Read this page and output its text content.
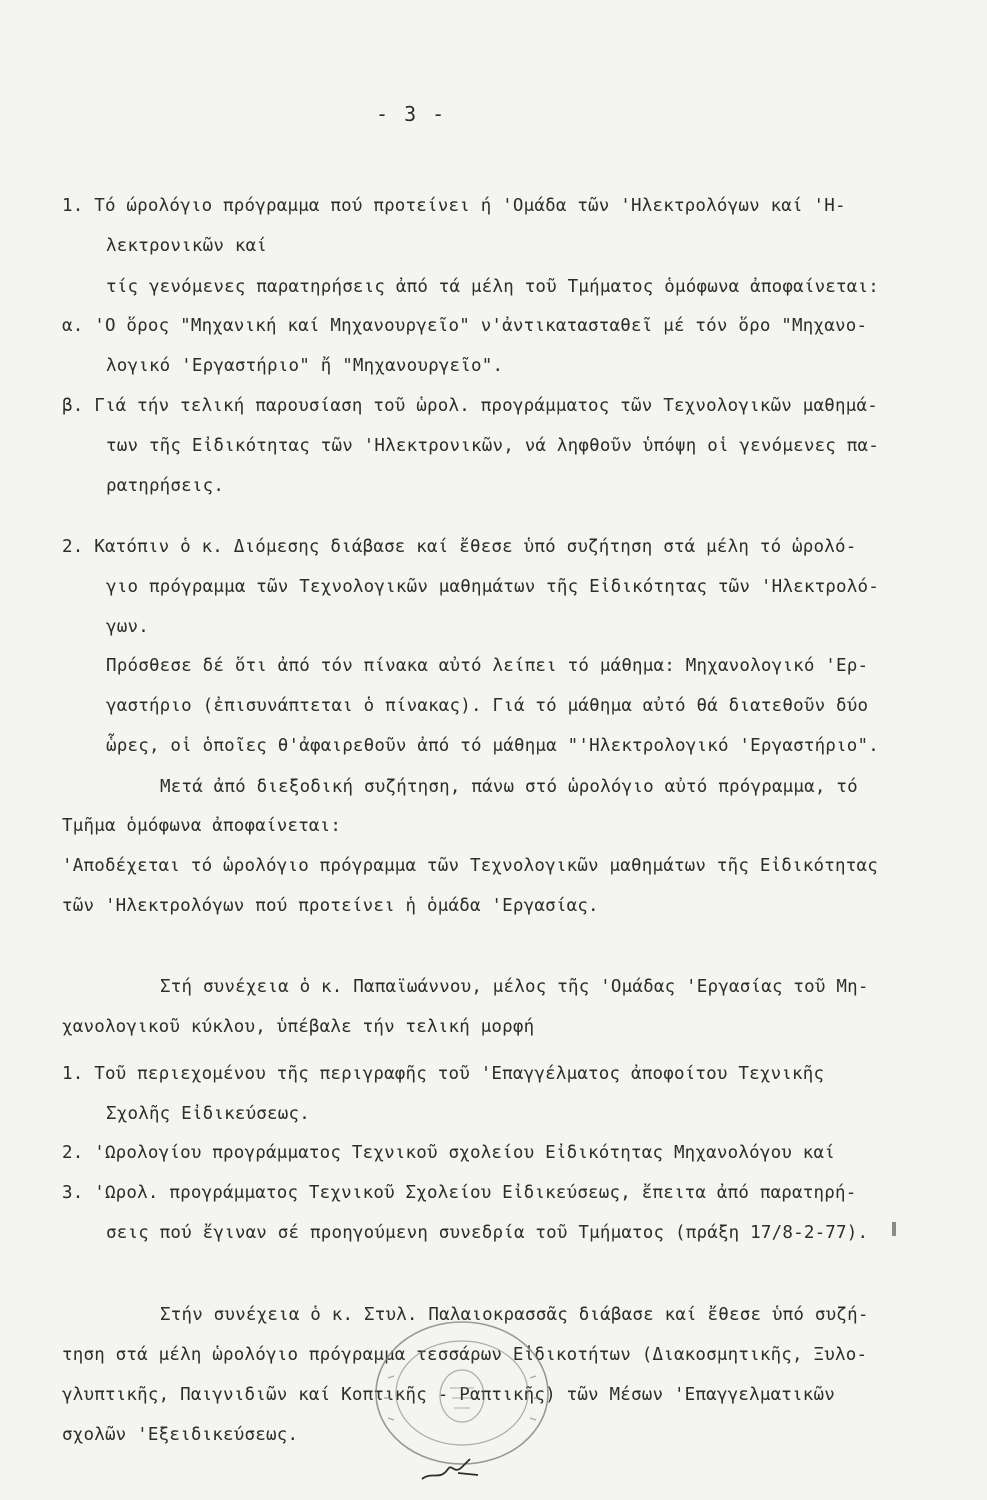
- 3 -
1. Τό ώρολόγιο πρόγραμμα πού προτείνει ή 'Ομάδα τῶν 'Ηλεκτρολόγων καί 'Η-
λεκτρονικῶν καί
τίς γενόμενες παρατηρήσεις ἀπό τά μέλη τοῦ Τμήματος ὁμόφωνα ἀποφαίνεται:
α. 'Ο ὅρος "Μηχανική καί Μηχανουργεῖο" ν'ἀντικατασταθεῖ μέ τόν ὅρο "Μηχανο-
λογικό 'Εργαστήριο" ἤ "Μηχανουργεῖο".
β. Γιά τήν τελική παρουσίαση τοῦ ὡρολ. προγράμματος τῶν Τεχνολογικῶν μαθημά-
των τῆς Εἰδικότητας τῶν 'Ηλεκτρονικῶν, νά ληφθοῦν ὑπόψη οἱ γενόμενες πα-
ρατηρήσεις.
2. Κατόπιν ὁ κ. Διόμεσης διάβασε καί ἔθεσε ὑπό συζήτηση στά μέλη τό ὡρολό-
γιο πρόγραμμα τῶν Τεχνολογικῶν μαθημάτων τῆς Εἰδικότητας τῶν 'Ηλεκτρολό-
γων.
Πρόσθεσε δέ ὅτι ἀπό τόν πίνακα αὐτό λείπει τό μάθημα: Μηχανολογικό 'Ερ-
γαστήριο (ἐπισυνάπτεται ὁ πίνακας). Γιά τό μάθημα αὐτό θά διατεθοῦν δύο
ὧρες, οἱ ὁποῖες θ'ἀφαιρεθοῦν ἀπό τό μάθημα "'Ηλεκτρολογικό 'Εργαστήριο".
Μετά ἀπό διεξοδική συζήτηση, πάνω στό ὡρολόγιο αὐτό πρόγραμμα, τό
Τμῆμα ὁμόφωνα ἀποφαίνεται:
'Αποδέχεται τό ὡρολόγιο πρόγραμμα τῶν Τεχνολογικῶν μαθημάτων τῆς Εἰδικότητας
τῶν 'Ηλεκτρολόγων πού προτείνει ἡ ὁμάδα 'Εργασίας.
Στή συνέχεια ὁ κ. Παπαϊωάννου, μέλος τῆς 'Ομάδας 'Εργασίας τοῦ Μη-
χανολογικοῦ κύκλου, ὑπέβαλε τήν τελική μορφή
1. Τοῦ περιεχομένου τῆς περιγραφῆς τοῦ 'Επαγγέλματος ἀποφοίτου Τεχνικῆς
Σχολῆς Εἰδικεύσεως.
2. 'Ωρολογίου προγράμματος Τεχνικοῦ σχολείου Εἰδικότητας Μηχανολόγου καί
3. 'Ωρολ. προγράμματος Τεχνικοῦ Σχολείου Εἰδικεύσεως, ἔπειτα ἀπό παρατηρή-
σεις πού ἔγιναν σέ προηγούμενη συνεδρία τοῦ Τμήματος (πράξη 17/8-2-77).
Στήν συνέχεια ὁ κ. Στυλ. Παλαιοκρασσᾶς διάβασε καί ἔθεσε ὑπό συζή-
τηση στά μέλη ὡρολόγιο πρόγραμμα τεσσάρων Εἰδικοτήτων (Διακοσμητικῆς, Ξυλο-
γλυπτικῆς, Παιγνιδιῶν καί Κοπτικῆς - Ραπτικῆς) τῶν Μέσων 'Επαγγελματικῶν
σχολῶν 'Εξειδικεύσεως.
